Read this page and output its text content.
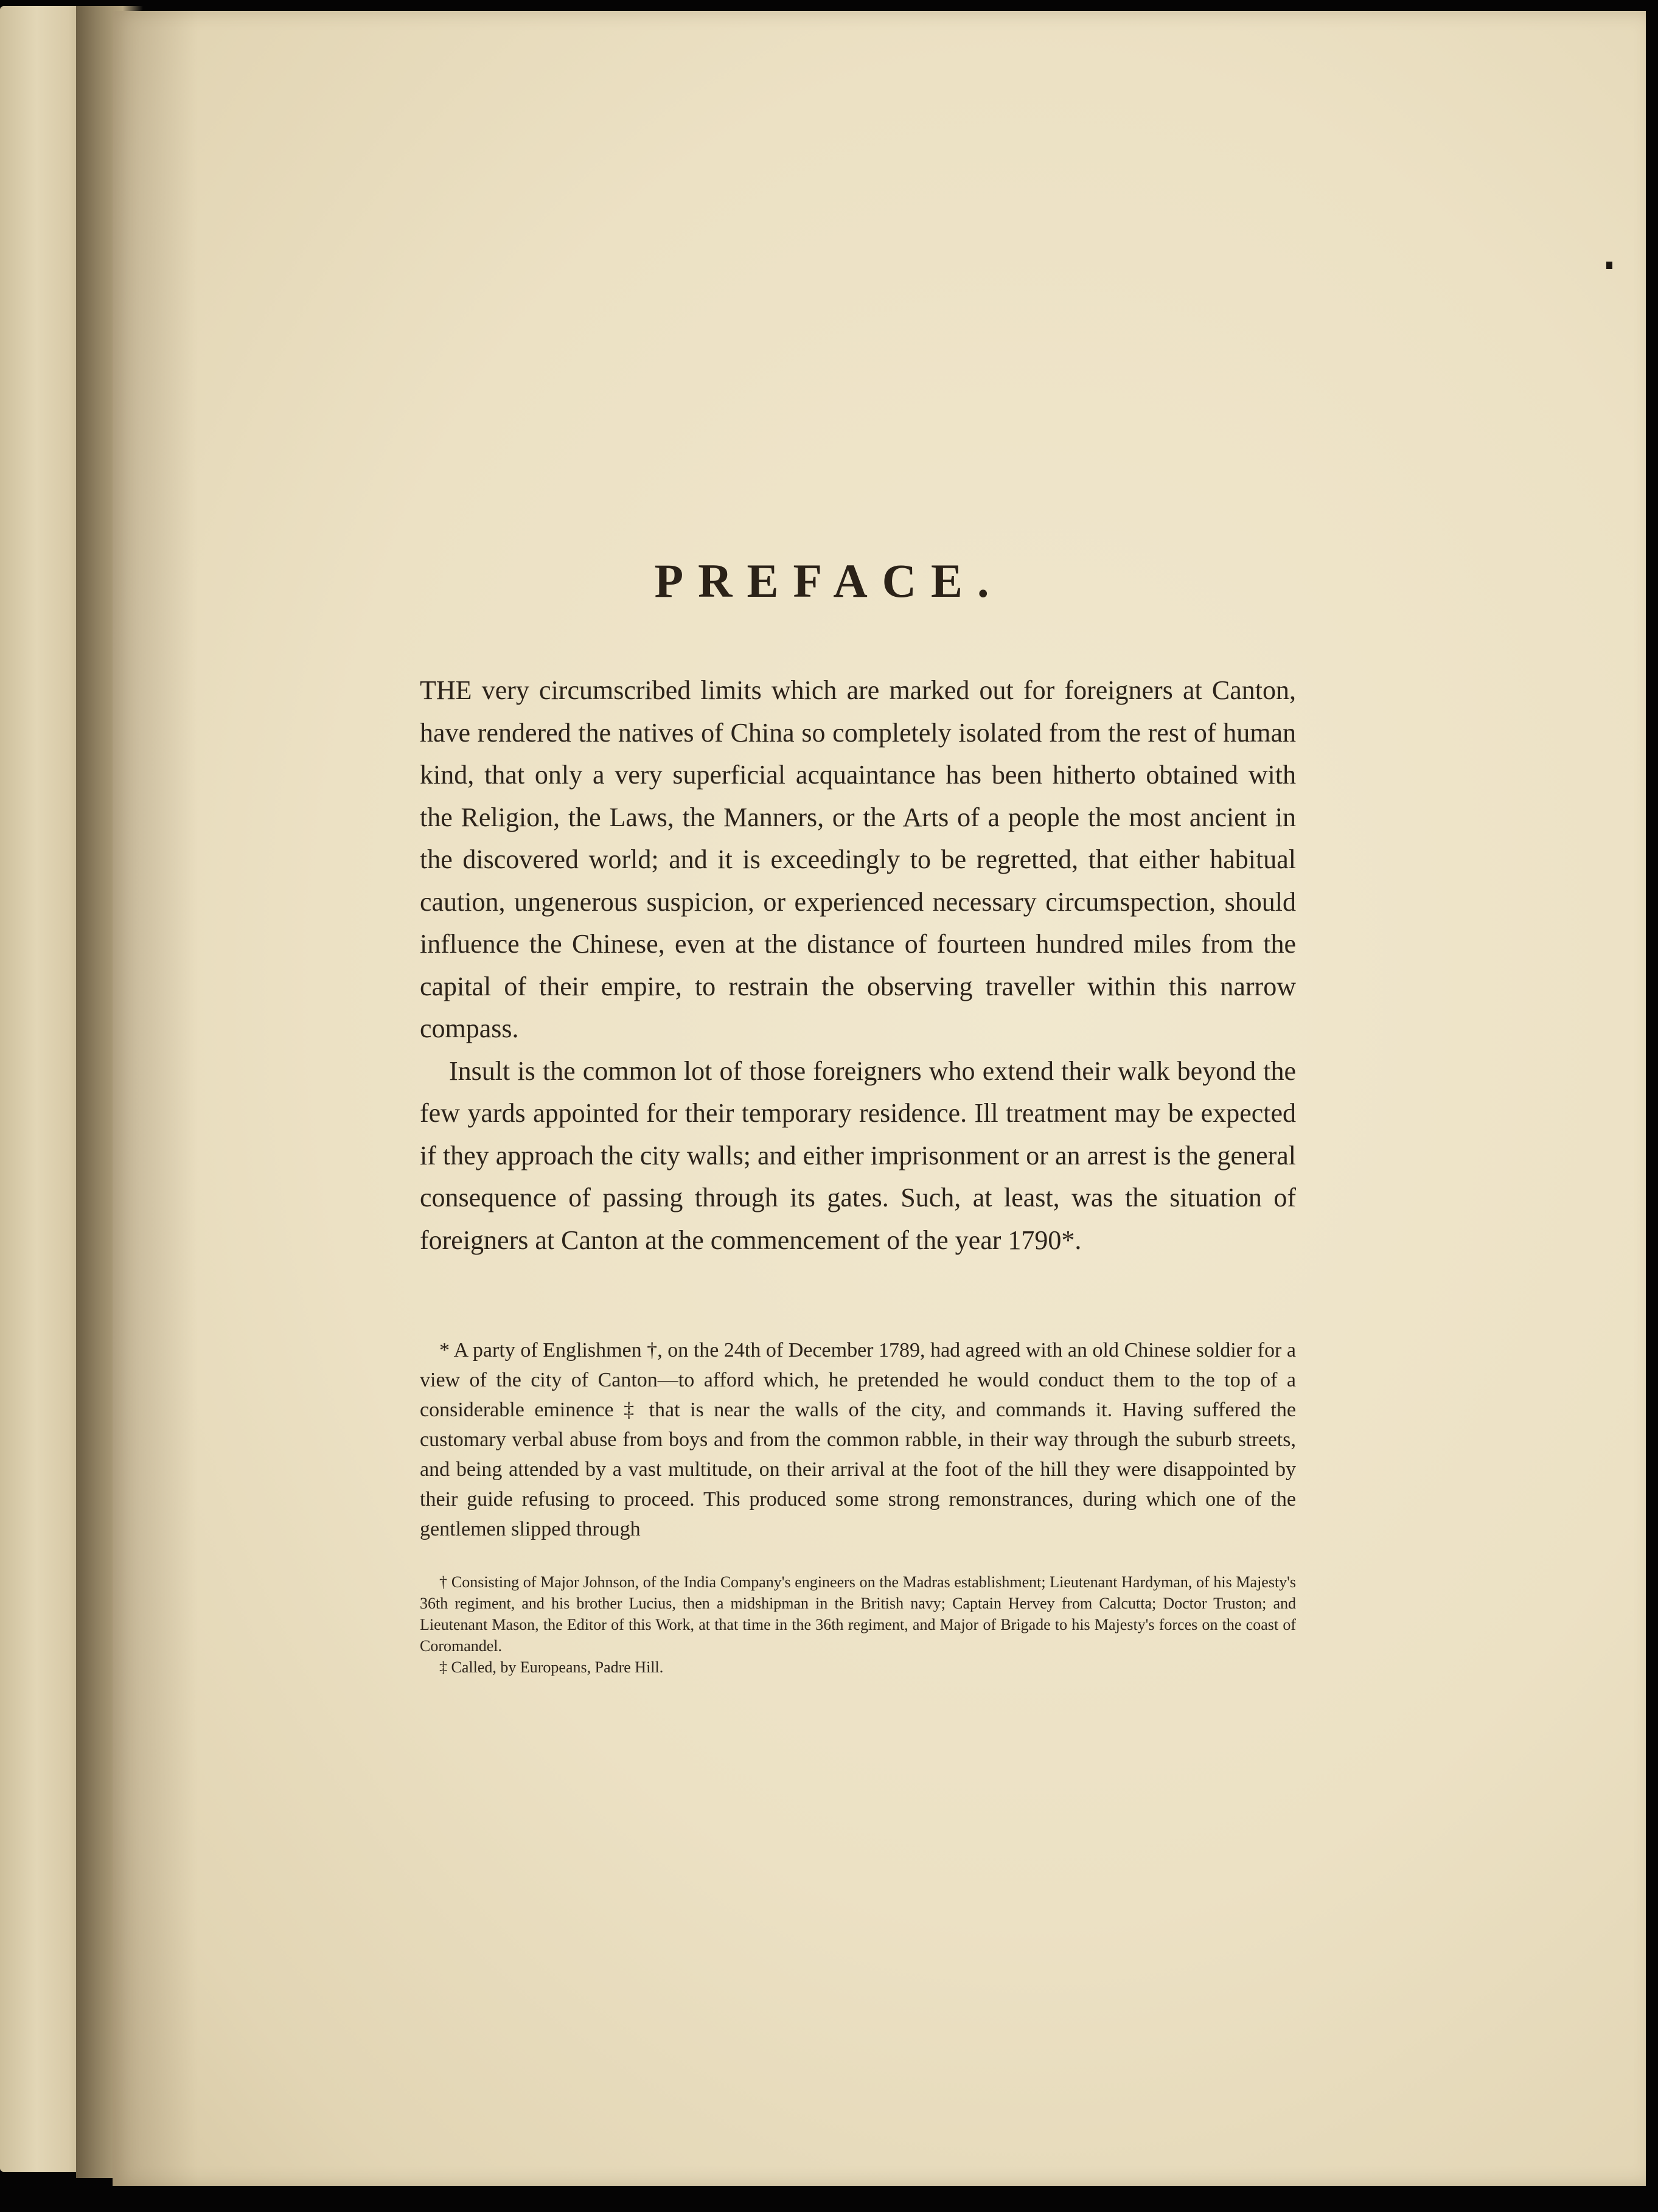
PREFACE.

THE very circumscribed limits which are marked out for foreigners at Canton, have rendered the natives of China so completely isolated from the rest of human kind, that only a very superficial acquaintance has been hitherto obtained with the Religion, the Laws, the Manners, or the Arts of a people the most ancient in the discovered world; and it is exceedingly to be regretted, that either habitual caution, ungenerous suspicion, or experienced necessary circumspection, should influence the Chinese, even at the distance of fourteen hundred miles from the capital of their empire, to restrain the observing traveller within this narrow compass.

Insult is the common lot of those foreigners who extend their walk beyond the few yards appointed for their temporary residence. Ill treatment may be expected if they approach the city walls; and either imprisonment or an arrest is the general consequence of passing through its gates. Such, at least, was the situation of foreigners at Canton at the commencement of the year 1790*.

* A party of Englishmen †, on the 24th of December 1789, had agreed with an old Chinese soldier for a view of the city of Canton—to afford which, he pretended he would conduct them to the top of a considerable eminence ‡ that is near the walls of the city, and commands it. Having suffered the customary verbal abuse from boys and from the common rabble, in their way through the suburb streets, and being attended by a vast multitude, on their arrival at the foot of the hill they were disappointed by their guide refusing to proceed. This produced some strong remonstrances, during which one of the gentlemen slipped through

† Consisting of Major Johnson, of the India Company's engineers on the Madras establishment; Lieutenant Hardyman, of his Majesty's 36th regiment, and his brother Lucius, then a midshipman in the British navy; Captain Hervey from Calcutta; Doctor Truston; and Lieutenant Mason, the Editor of this Work, at that time in the 36th regiment, and Major of Brigade to his Majesty's forces on the coast of Coromandel.

‡ Called, by Europeans, Padre Hill.
